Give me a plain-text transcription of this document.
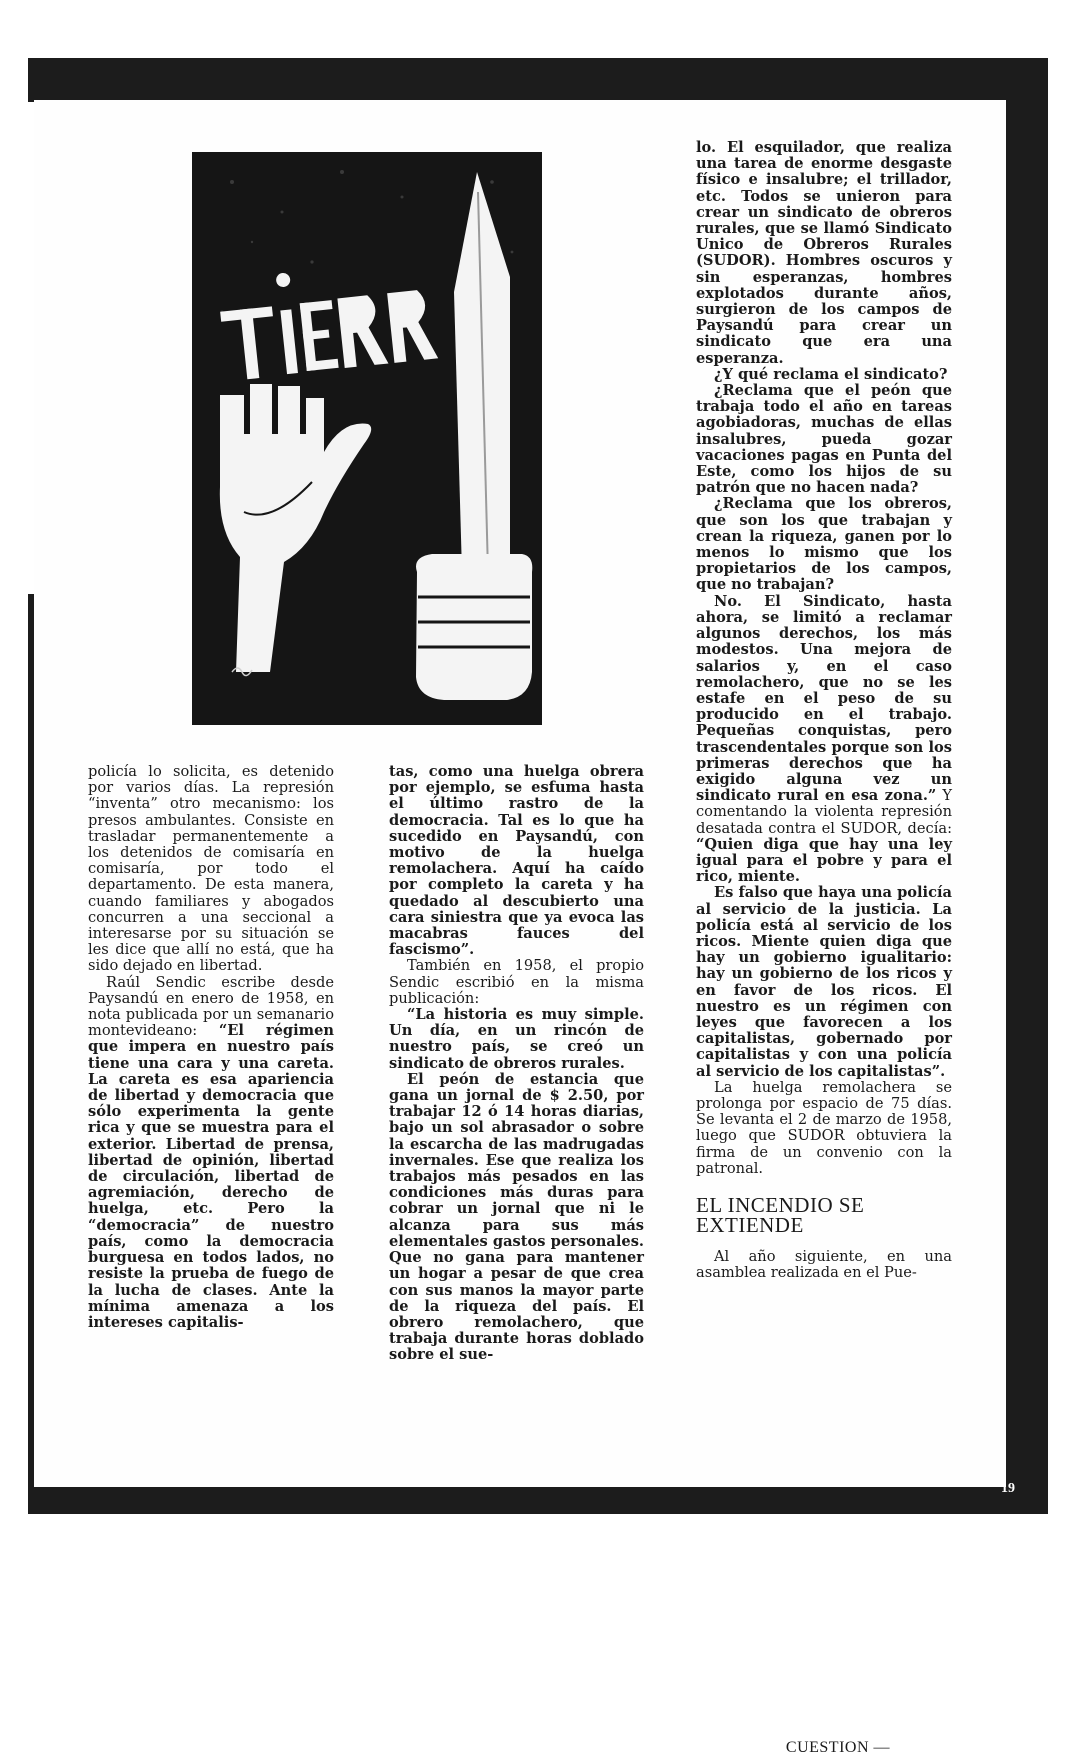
policía lo solicita, es detenido por varios días. La represión “inventa” otro mecanismo: los presos ambulantes. Consiste en trasladar permanentemente a los detenidos de comisaría en comisaría, por todo el departamento. De esta manera, cuando familiares y abogados concurren a una seccional a interesarse por su situación se les dice que allí no está, que ha sido dejado en libertad.

Raúl Sendic escribe desde Paysandú en enero de 1958, en nota publicada por un semanario montevideano: “El régimen que impera en nuestro país tiene una cara y una careta. La careta es esa apariencia de libertad y democracia que sólo experimenta la gente rica y que se muestra para el exterior. Libertad de prensa, libertad de opinión, libertad de circulación, libertad de agremiación, derecho de huelga, etc. Pero la “democracia” de nuestro país, como la democracia burguesa en todos lados, no resiste la prueba de fuego de la lucha de clases. Ante la mínima amenaza a los intereses capitalis-

tas, como una huelga obrera por ejemplo, se esfuma hasta el último rastro de la democracia. Tal es lo que ha sucedido en Paysandú, con motivo de la huelga remolachera. Aquí ha caído por completo la careta y ha quedado al descubierto una cara siniestra que ya evoca las macabras fauces del fascismo”.

También en 1958, el propio Sendic escribió en la misma publicación:

“La historia es muy simple. Un día, en un rincón de nuestro país, se creó un sindicato de obreros rurales.

El peón de estancia que gana un jornal de $ 2.50, por trabajar 12 ó 14 horas diarias, bajo un sol abrasador o sobre la escarcha de las madrugadas invernales. Ese que realiza los trabajos más pesados en las condiciones más duras para cobrar un jornal que ni le alcanza para sus más elementales gastos personales. Que no gana para mantener un hogar a pesar de que crea con sus manos la mayor parte de la riqueza del país. El obrero remolachero, que trabaja durante horas doblado sobre el sue-

lo. El esquilador, que realiza una tarea de enorme desgaste físico e insalubre; el trillador, etc. Todos se unieron para crear un sindicato de obreros rurales, que se llamó Sindicato Unico de Obreros Rurales (SUDOR). Hombres oscuros y sin esperanzas, hombres explotados durante años, surgieron de los campos de Paysandú para crear un sindicato que era una esperanza.

¿Y qué reclama el sindicato?

¿Reclama que el peón que trabaja todo el año en tareas agobiadoras, muchas de ellas insalubres, pueda gozar vacaciones pagas en Punta del Este, como los hijos de su patrón que no hacen nada?

¿Reclama que los obreros, que son los que trabajan y crean la riqueza, ganen por lo menos lo mismo que los propietarios de los campos, que no trabajan?

No. El Sindicato, hasta ahora, se limitó a reclamar algunos derechos, los más modestos. Una mejora de salarios y, en el caso remolachero, que no se les estafe en el peso de su producido en el trabajo. Pequeñas conquistas, pero trascendentales porque son los primeras derechos que ha exigido alguna vez un sindicato rural en esa zona.” Y comentando la violenta represión desatada contra el SUDOR, decía: “Quien diga que hay una ley igual para el pobre y para el rico, miente.

Es falso que haya una policía al servicio de la justicia. La policía está al servicio de los ricos. Miente quien diga que hay un gobierno igualitario: hay un gobierno de los ricos y en favor de los ricos. El nuestro es un régimen con leyes que favorecen a los capitalistas, gobernado por capitalistas y con una policía al servicio de los capitalistas”.

La huelga remolachera se prolonga por espacio de 75 días. Se levanta el 2 de marzo de 1958, luego que SUDOR obtuviera la firma de un convenio con la patronal.

EL INCENDIO SE EXTIENDE

Al año siguiente, en una asamblea realizada en el Pue-

CUESTION —
19
